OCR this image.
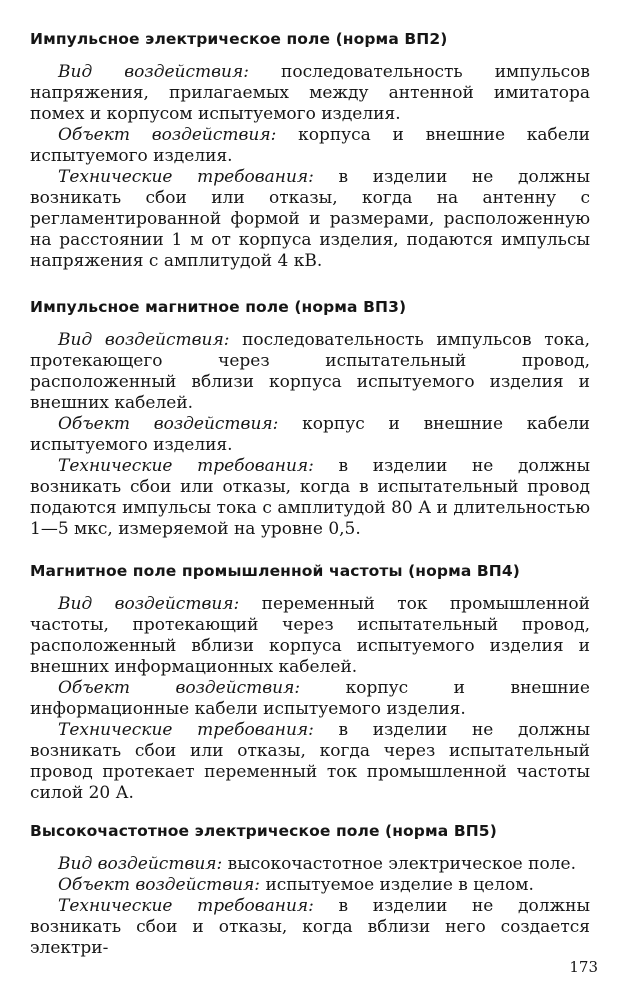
Импульсное электрическое поле (норма ВП2)

Вид воздействия: последовательность импульсов напряжения, прилагаемых между антенной имитатора помех и корпусом испытуемого изделия.

Объект воздействия: корпуса и внешние кабели испытуемого изделия.

Технические требования: в изделии не должны возникать сбои или отказы, когда на антенну с регламентированной формой и размерами, расположенную на расстоянии 1 м от корпуса изделия, подаются импульсы напряжения с амплитудой 4 кВ.

Импульсное магнитное поле (норма ВП3)

Вид воздействия: последовательность импульсов тока, протекающего через испытательный провод, расположенный вблизи корпуса испытуемого изделия и внешних кабелей.

Объект воздействия: корпус и внешние кабели испытуемого изделия.

Технические требования: в изделии не должны возникать сбои или отказы, когда в испытательный провод подаются импульсы тока с амплитудой 80 А и длительностью 1—5 мкс, измеряемой на уровне 0,5.

Магнитное поле промышленной частоты (норма ВП4)

Вид воздействия: переменный ток промышленной частоты, протекающий через испытательный провод, расположенный вблизи корпуса испытуемого изделия и внешних информационных кабелей.

Объект воздействия: корпус и внешние информационные кабели испытуемого изделия.

Технические требования: в изделии не должны возникать сбои или отказы, когда через испытательный провод протекает переменный ток промышленной частоты силой 20 А.

Высокочастотное электрическое поле (норма ВП5)

Вид воздействия: высокочастотное электрическое поле.

Объект воздействия: испытуемое изделие в целом.

Технические требования: в изделии не должны возникать сбои и отказы, когда вблизи него создается электри-

173
